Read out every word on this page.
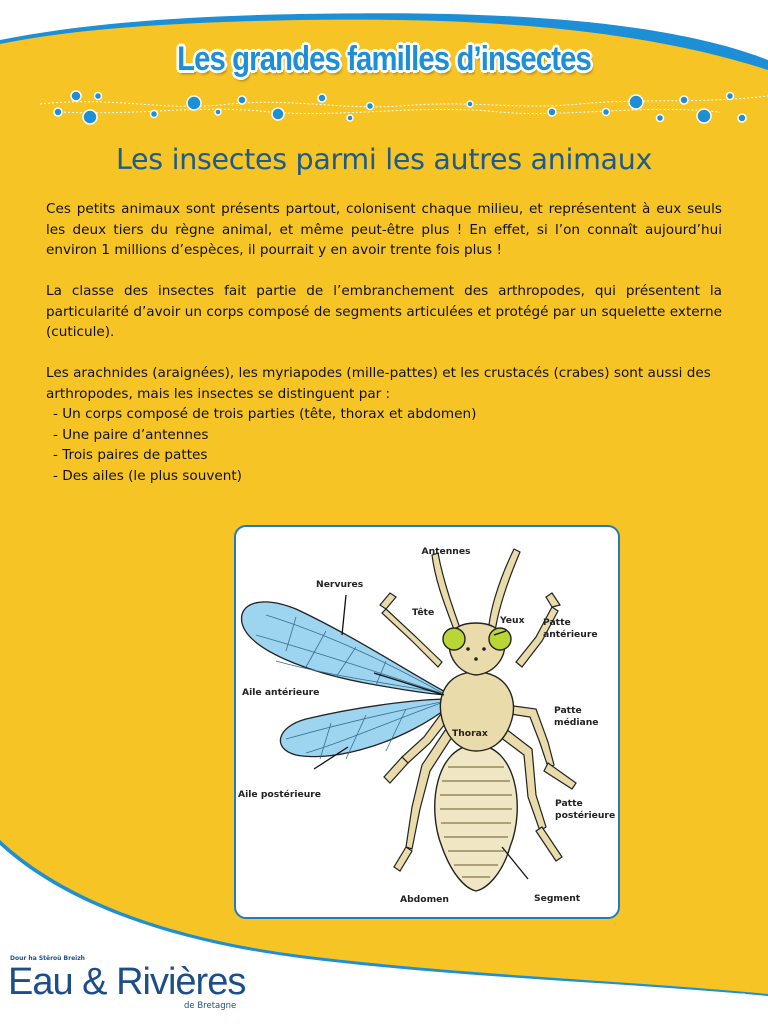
Les grandes familles d’insectes
Les insectes parmi les autres animaux

Ces petits animaux sont présents partout, colonisent chaque milieu, et représentent à eux seuls les deux tiers du règne animal, et même peut-être plus ! En effet, si l’on connaît aujourd’hui environ 1 millions d’espèces, il pourrait y en avoir trente fois plus !

La classe des insectes fait partie de l’embranchement des arthropodes, qui présentent la particularité d’avoir un corps composé de segments articulées et protégé par un squelette externe (cuticule).

Les arachnides (araignées), les myriapodes (mille-pattes) et les crustacés (crabes) sont aussi des arthropodes, mais les insectes se distinguent par :

- Un corps composé de trois parties (tête, thorax et abdomen)
- Une paire d’antennes
- Trois paires de pattes
- Des ailes (le plus souvent)
Antennes
Nervures
Tête
Yeux Patte
antérieure
Aile antérieure
Patte
médiane
Thorax
Aile postérieure
Patte
postérieure
Abdomen	Segment
Dour ha Stêroù Breizh
Eau & Rivières
de Bretagne	1
